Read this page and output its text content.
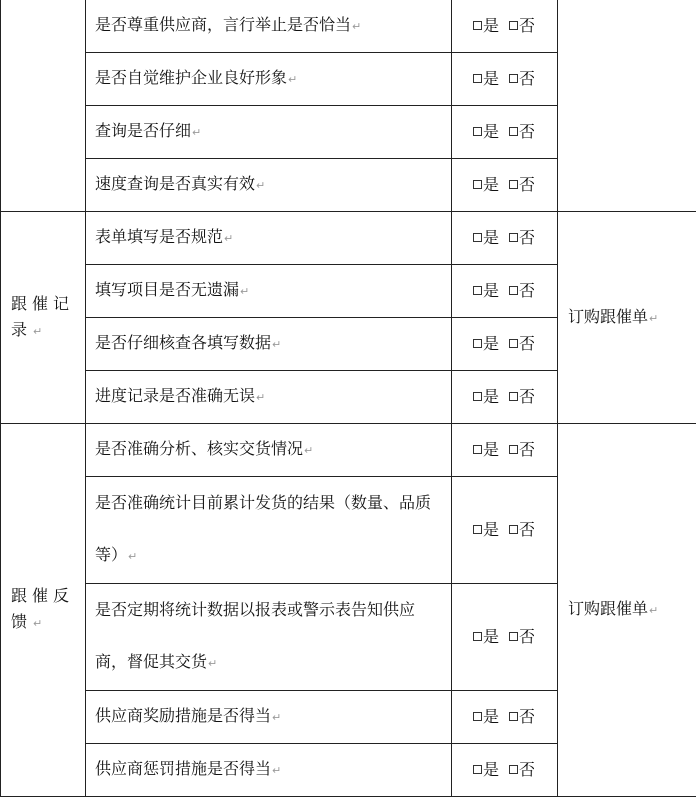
	是否尊重供应商，言行举止是否恰当↵	是 否	
	是否自觉维护企业良好形象↵	是 否	
	查询是否仔细↵	是 否	
	速度查询是否真实有效↵	是 否	
跟催记录↵	表单填写是否规范↵	是 否	订购跟催单↵
	填写项目是否无遗漏↵	是 否	
	是否仔细核查各填写数据↵	是 否	
	进度记录是否准确无误↵	是 否	
跟催反馈↵	是否准确分析、核实交货情况↵	是 否	订购跟催单↵
	是否准确统计目前累计发货的结果（数量、品质等）↵	是 否	
	是否定期将统计数据以报表或警示表告知供应商，督促其交货↵	是 否	
	供应商奖励措施是否得当↵	是 否	
	供应商惩罚措施是否得当↵	是 否	
